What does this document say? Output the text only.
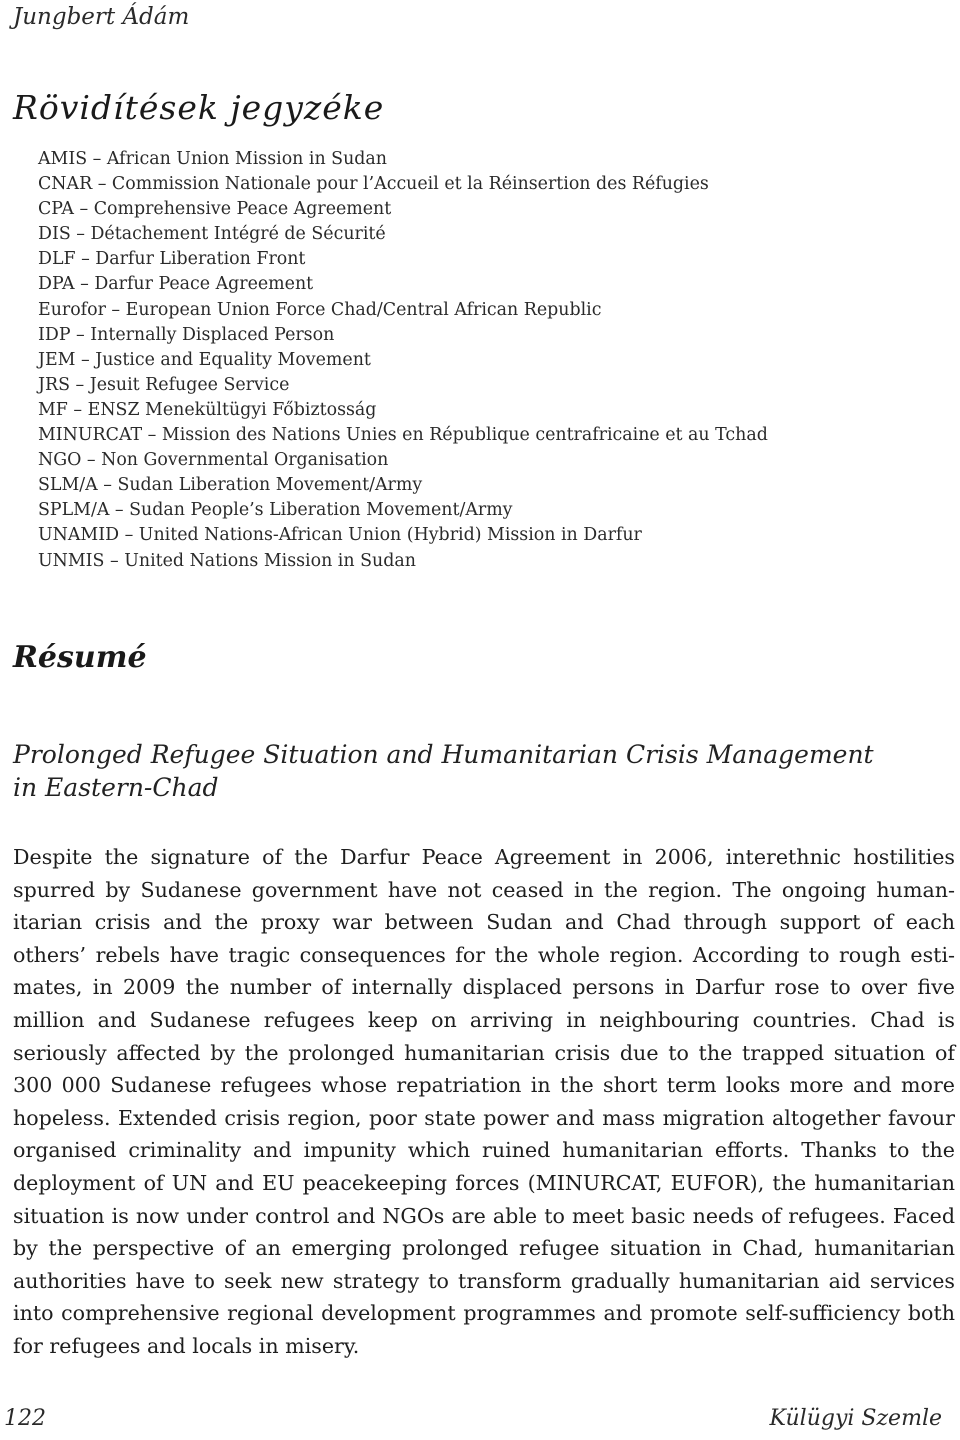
Jungbert Ádám
Rövidítések jegyzéke
AMIS – African Union Mission in Sudan
CNAR – Commission Nationale pour l’Accueil et la Réinsertion des Réfugies
CPA – Comprehensive Peace Agreement
DIS – Détachement Intégré de Sécurité
DLF – Darfur Liberation Front
DPA – Darfur Peace Agreement
Eurofor – European Union Force Chad/Central African Republic
IDP – Internally Displaced Person
JEM – Justice and Equality Movement
JRS – Jesuit Refugee Service
MF – ENSZ Menekültügyi Főbiztosság
MINURCAT – Mission des Nations Unies en République centrafricaine et au Tchad
NGO – Non Governmental Organisation
SLM/A – Sudan Liberation Movement/Army
SPLM/A – Sudan People’s Liberation Movement/Army
UNAMID – United Nations-African Union (Hybrid) Mission in Darfur
UNMIS – United Nations Mission in Sudan
Résumé
Prolonged Refugee Situation and Humanitarian Crisis Management
in Eastern-Chad

Despite the signature of the Darfur Peace Agreement in 2006, interethnic hostilities spurred by Sudanese government have not ceased in the region. The ongoing humanitarian crisis and the proxy war between Sudan and Chad through support of each others’ rebels have tragic consequences for the whole region. According to rough estimates, in 2009 the number of internally displaced persons in Darfur rose to over five million and Sudanese refugees keep on arriving in neighbouring countries. Chad is seriously affected by the prolonged humanitarian crisis due to the trapped situation of 300 000 Sudanese refugees whose repatriation in the short term looks more and more hopeless. Extended crisis region, poor state power and mass migration altogether favour organised criminality and impunity which ruined humanitarian efforts. Thanks to the deployment of UN and EU peacekeeping forces (MINURCAT, EUFOR), the humanitarian situation is now under control and NGOs are able to meet basic needs of refugees. Faced by the perspective of an emerging prolonged refugee situation in Chad, humanitarian authorities have to seek new strategy to transform gradually humanitarian aid services into comprehensive regional development programmes and promote self-sufficiency both for refugees and locals in misery.

122	Külügyi Szemle
